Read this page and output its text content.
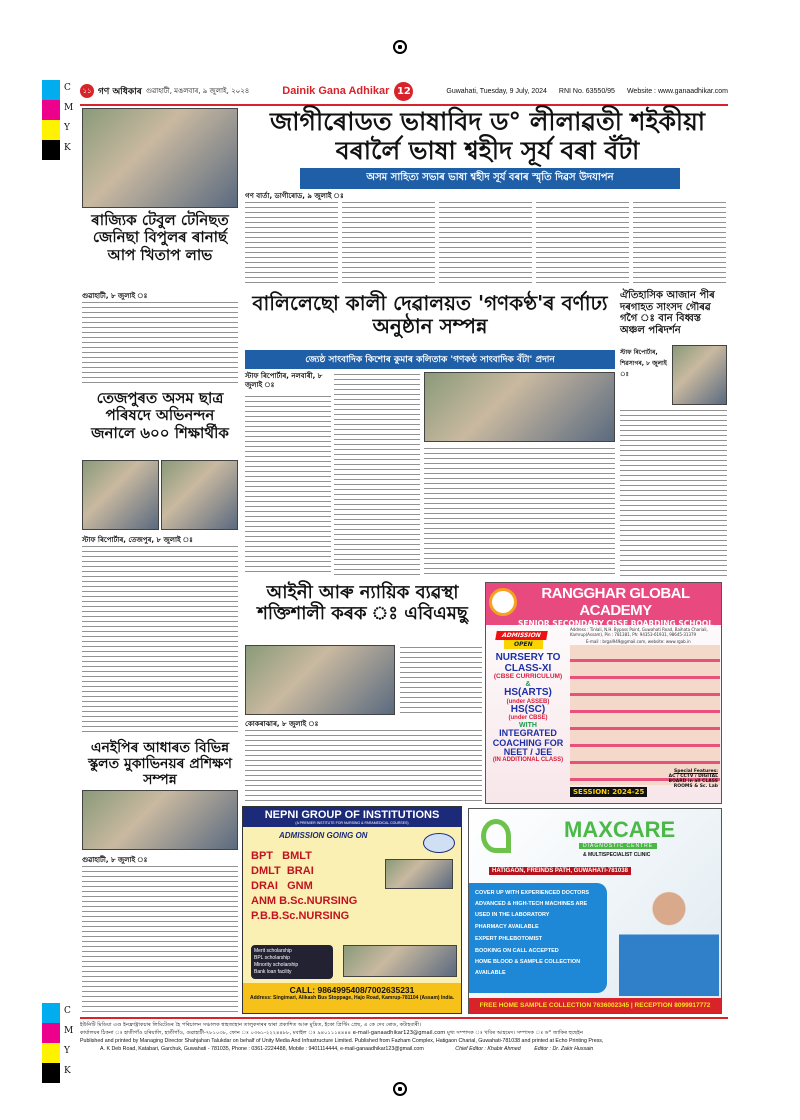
C
M
Y
K
C
M
Y
K
১১ গণ অধিকাৰ গুৱাহাটী, মঙলবাৰ, ৯ জুলাই, ২০২৪	Dainik Gana Adhikar 12	Guwahati, Tuesday, 9 July, 2024 RNI No. 63550/95 Website : www.ganaadhikar.com
ৰাজ্যিক টেবুল টেনিছত জেনিছা বিপুলৰ ৰানাৰ্ছ আপ খিতাপ লাভ
গুৱাহাটী, ৮ জুলাই ঃ
তেজপুৰত অসম ছাত্ৰ পৰিষদে অভিনন্দন জনালে ৬০০ শিক্ষাৰ্থীক
স্টাফ ৰিপোৰ্টাৰ, তেজপুৰ, ৮ জুলাই ঃ
এনইপিৰ আধাৰত বিভিন্ন স্কুলত মুকাভিনয়ৰ প্ৰশিক্ষণ সম্পন্ন
গুৱাহাটী, ৮ জুলাই ঃ
জাগীৰোডত ভাষাবিদ ড° লীলাৱতী শইকীয়া বৰাৰ্লৈ ভাষা শ্বহীদ সূৰ্য বৰা বঁটা
অসম সাহিত্য সভাৰ ভাষা শ্বহীদ সূৰ্য বৰাৰ স্মৃতি দিৱস উদযাপন
গণ বাৰ্তা, ডাগীৰোড, ৯ জুলাই ঃ
বালিলেছো কালী দেৱালয়ত 'গণকণ্ঠ'ৰ বৰ্ণাঢ্য অনুষ্ঠান সম্পন্ন
জ্যেষ্ঠ সাংবাদিক কিশোৰ কুমাৰ কলিতাক 'গণকণ্ঠ সাংবাদিক বঁটা' প্ৰদান
স্টাফ ৰিপোৰ্টাৰ, নলবাৰী, ৮ জুলাই ঃ
ঐতিহাসিক আজান পীৰ দৰগাহত সাংসদ গৌৰৱ গগৈ ঃ বান বিধ্বস্ত অঞ্চল পৰিদৰ্শন
স্টাফ ৰিপোৰ্টাৰ, শিৱসাগৰ, ৮ জুলাই ঃ
আইনী আৰু ন্যায়িক ব্যৱস্থা শক্তিশালী কৰক ঃ এবিএমছু
কোকৰাঝাৰ, ৮ জুলাই ঃ
RANGGHAR GLOBAL ACADEMY
SENIOR SECONDARY CBSE BOARDING SCHOOL
Address : Tinlali, N.H. Bypass Point, Guwahati Road, Baihata Chariali, Kamrup(Assam), Pin : 781381, Ph: 94353-61931, 98645-31379
E-mail : brgal949@gmail.com, website: www.rgab.in
ADMISSION
OPEN
NURSERY TO CLASS-XI
(CBSE CURRICULUM)
&
HS(ARTS)
(under ASSEB)
HS(SC)
(under CBSE)
WITH
INTEGRATED COACHING FOR NEET / JEE
(IN ADDITIONAL CLASS)
SESSION: 2024-25
Special Features:
AC / CCTV / DIGITAL BOARD in all CLASS ROOMS & Sc. Lab
NEPNI GROUP OF INSTITUTIONS
(A PREMIER INSTITUTE FOR NURSING & PARAMEDICAL COURSES)
ADMISSION GOING ON
BPT BMLT
DMLT BRAI
DRAI GNM
ANM B.Sc.NURSING
P.B.B.Sc.NURSING
Merit scholarship
BPL scholarship
Minority scholarship
Bank loan facility
CALL: 9864995408/7002635231
Address: Singimari, Alikash Bus Stoppage, Hajo Road, Kamrup-781104 (Assam) India.
MAXCARE
DIAGNOSTIC CENTRE
& MULTISPECIALIST CLINIC
HATIGAON, FREINDS PATH, GUWAHATI-781038
COVER UP WITH EXPERIENCED DOCTORS
ADVANCED & HIGH-TECH MACHINES ARE USED IN THE LABORATORY
PHARMACY AVAILABLE
EXPERT PHLEBOTOMIST
BOOKING ON CALL ACCEPTED
HOME BLOOD & SAMPLE COLLECTION AVAILABLE
FREE HOME SAMPLE COLLECTION 7636002345 | RECEPTION 8099917772
ইউনিটি মিডিয়া এণ্ড ইনফ্ৰাষ্ট্ৰাকচাৰ লিমিটেডৰ হৈ পৰিচালন সঞ্চালক শ্বাহজাহান তালুকদাৰৰ দ্বাৰা প্ৰকাশিত আৰু মুদ্ৰিত, ইকো প্ৰিণ্টিং প্ৰেছ, এ কে দেব ৰোড, কটাহবাৰী।
কাৰ্যালয়ৰ ঠিকনা ঃ হাতীগাঁও চৰিয়ালি, হাতীগাঁও, গুৱাহাটী-৭৮১০৩৮, ফোন ঃ ০৩৬১-২২২৪৪৮৮, মবাইল ঃ ৯৪০১১১৪৪৪৪ e-mail-ganaadhikar123@gmail.com মুখ্য সম্পাদক ঃ খবিৰ আহমেদ। সম্পাদক ঃ ড° জাকিৰ হুছেইন
Published and printed by Managing Director Shahjahan Talukdar on behalf of Unity Media And Infrastructure Limited. Published from Fazham Complex, Hatigaon Charial, Guwahati-781038 and printed at Echo Printing Press,
A. K Deb Road, Katabari, Garchuk, Guwahati - 781035, Phone : 0361-2224488, Mobile : 9401114444, e-mail-ganaadhikar123@gmail.com	Chief Editor : Khabir Ahmed	Editor : Dr. Zakir Hussain
